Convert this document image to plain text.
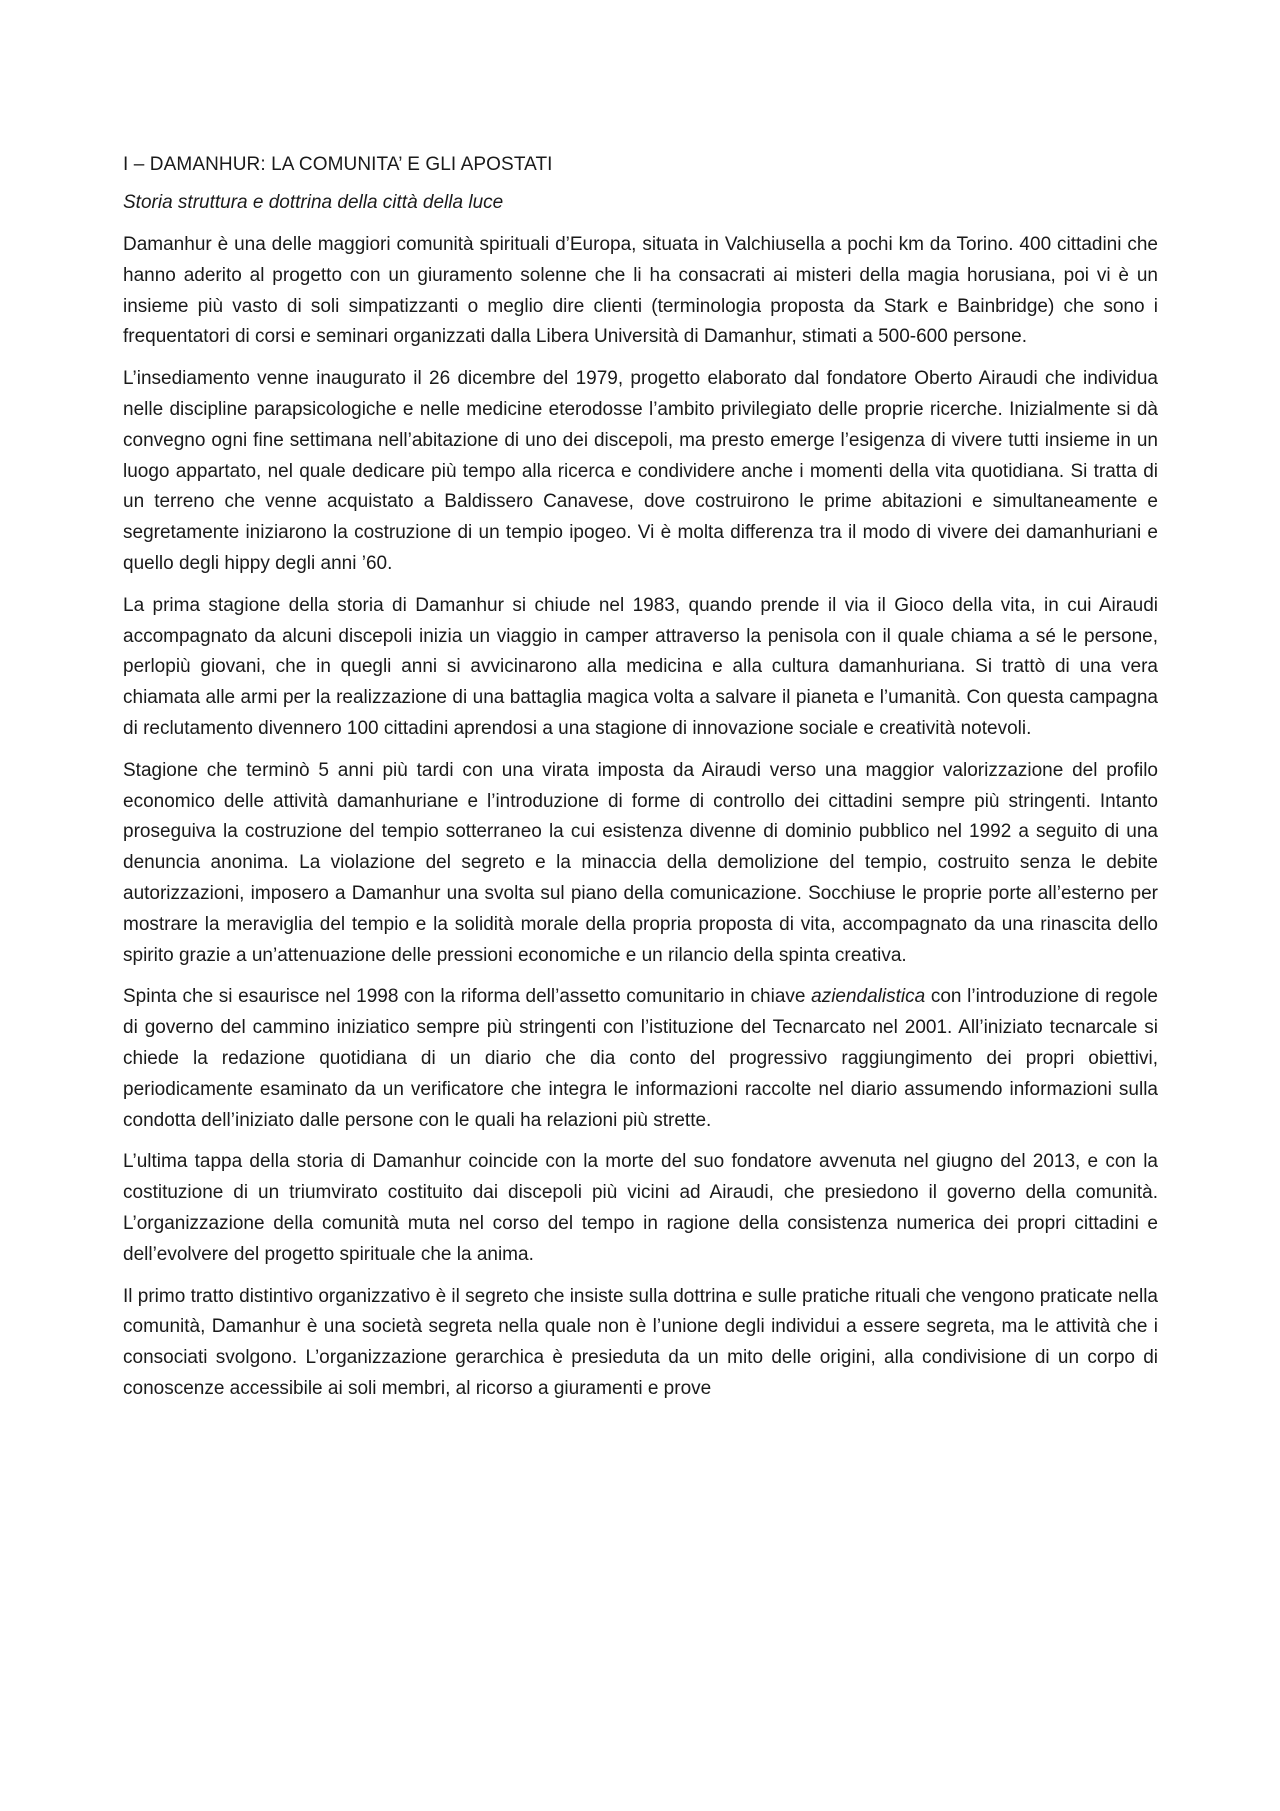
I – DAMANHUR: LA COMUNITA’ E GLI APOSTATI

Storia struttura e dottrina della città della luce

Damanhur è una delle maggiori comunità spirituali d’Europa, situata in Valchiusella a pochi km da Torino. 400 cittadini che hanno aderito al progetto con un giuramento solenne che li ha consacrati ai misteri della magia horusiana, poi vi è un insieme più vasto di soli simpatizzanti o meglio dire clienti (terminologia proposta da Stark e Bainbridge) che sono i frequentatori di corsi e seminari organizzati dalla Libera Università di Damanhur, stimati a 500-600 persone.

L’insediamento venne inaugurato il 26 dicembre del 1979, progetto elaborato dal fondatore Oberto Airaudi che individua nelle discipline parapsicologiche e nelle medicine eterodosse l’ambito privilegiato delle proprie ricerche. Inizialmente si dà convegno ogni fine settimana nell’abitazione di uno dei discepoli, ma presto emerge l’esigenza di vivere tutti insieme in un luogo appartato, nel quale dedicare più tempo alla ricerca e condividere anche i momenti della vita quotidiana. Si tratta di un terreno che venne acquistato a Baldissero Canavese, dove costruirono le prime abitazioni e simultaneamente e segretamente iniziarono la costruzione di un tempio ipogeo. Vi è molta differenza tra il modo di vivere dei damanhuriani e quello degli hippy degli anni ’60.

La prima stagione della storia di Damanhur si chiude nel 1983, quando prende il via il Gioco della vita, in cui Airaudi accompagnato da alcuni discepoli inizia un viaggio in camper attraverso la penisola con il quale chiama a sé le persone, perlopiù giovani, che in quegli anni si avvicinarono alla medicina e alla cultura damanhuriana. Si trattò di una vera chiamata alle armi per la realizzazione di una battaglia magica volta a salvare il pianeta e l’umanità. Con questa campagna di reclutamento divennero 100 cittadini aprendosi a una stagione di innovazione sociale e creatività notevoli.

Stagione che terminò 5 anni più tardi con una virata imposta da Airaudi verso una maggior valorizzazione del profilo economico delle attività damanhuriane e l’introduzione di forme di controllo dei cittadini sempre più stringenti. Intanto proseguiva la costruzione del tempio sotterraneo la cui esistenza divenne di dominio pubblico nel 1992 a seguito di una denuncia anonima. La violazione del segreto e la minaccia della demolizione del tempio, costruito senza le debite autorizzazioni, imposero a Damanhur una svolta sul piano della comunicazione. Socchiuse le proprie porte all’esterno per mostrare la meraviglia del tempio e la solidità morale della propria proposta di vita, accompagnato da una rinascita dello spirito grazie a un’attenuazione delle pressioni economiche e un rilancio della spinta creativa.

Spinta che si esaurisce nel 1998 con la riforma dell’assetto comunitario in chiave aziendalistica con l’introduzione di regole di governo del cammino iniziatico sempre più stringenti con l’istituzione del Tecnarcato nel 2001. All’iniziato tecnarcale si chiede la redazione quotidiana di un diario che dia conto del progressivo raggiungimento dei propri obiettivi, periodicamente esaminato da un verificatore che integra le informazioni raccolte nel diario assumendo informazioni sulla condotta dell’iniziato dalle persone con le quali ha relazioni più strette.

L’ultima tappa della storia di Damanhur coincide con la morte del suo fondatore avvenuta nel giugno del 2013, e con la costituzione di un triumvirato costituito dai discepoli più vicini ad Airaudi, che presiedono il governo della comunità. L’organizzazione della comunità muta nel corso del tempo in ragione della consistenza numerica dei propri cittadini e dell’evolvere del progetto spirituale che la anima.

Il primo tratto distintivo organizzativo è il segreto che insiste sulla dottrina e sulle pratiche rituali che vengono praticate nella comunità, Damanhur è una società segreta nella quale non è l’unione degli individui a essere segreta, ma le attività che i consociati svolgono. L’organizzazione gerarchica è presieduta da un mito delle origini, alla condivisione di un corpo di conoscenze accessibile ai soli membri, al ricorso a giuramenti e prove
